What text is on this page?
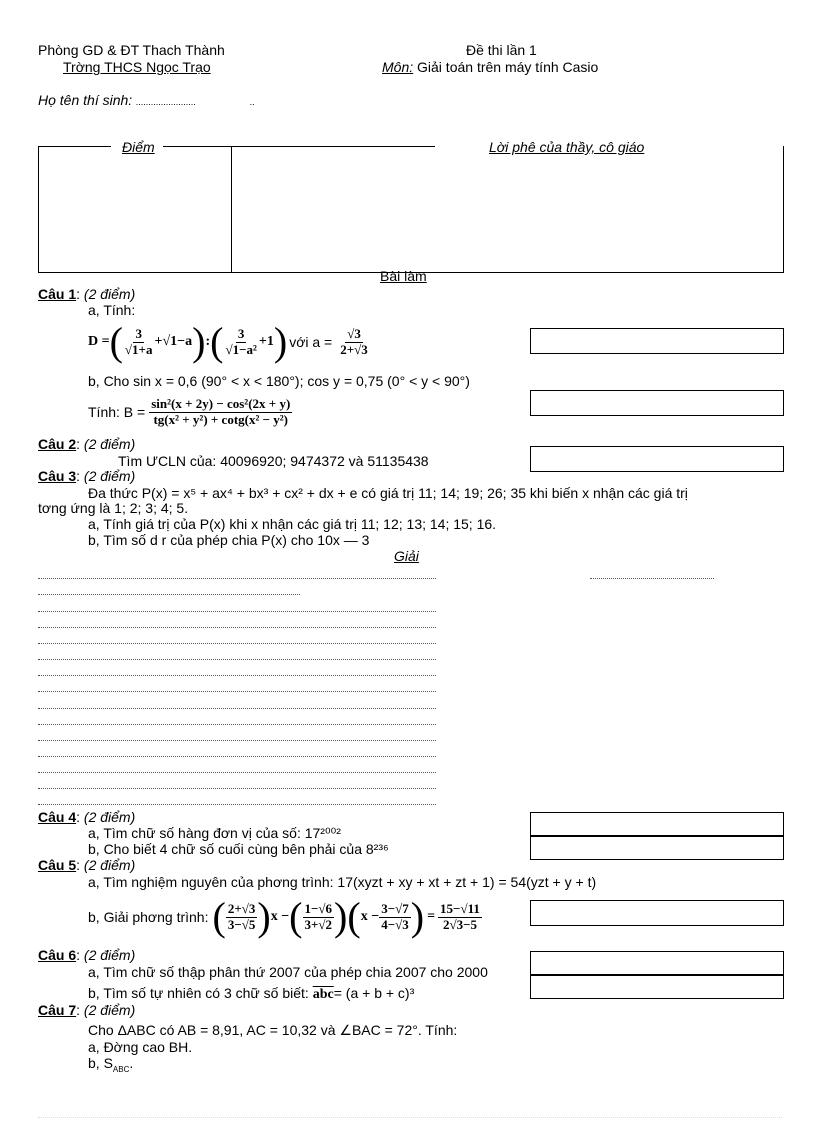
Phòng GD & ĐT Thach Thành
Trờng THCS Ngọc Trạo
Đề thi lần 1
Môn: Giải toán trên máy tính Casio
Họ tên thí sinh: ........................	..
Điểm	Lời phê của thầy, cô giáo
Bài làm
Câu 1: (2 điểm)
a, Tính:
D = ( $\frac{3}{√1+a} +√1-a$ ) : ( $\frac{3}{\text{√1−a²}} +1$ ) với $a = \frac{√3}{2+√3}$
b, Cho sin x = 0,6 (90° < x < 180°); cos y = 0,75 (0° < y < 90°)
Tính: $B = \frac{\text{sin²(x + 2y) − cos²(2x + y)}}{\text{tg(x² + y²) + cotg(x² − y²)}}$
Câu 2: (2 điểm)
Tìm ƯCLN của: 40096920; 9474372 và 51135438
Câu 3: (2 điểm)
Đa thức P(x) = x⁵ + ax⁴ + bx³ + cx² + dx + e có giá trị 11; 14; 19; 26; 35 khi biến x nhận các giá trị
tơng ứng là 1; 2; 3; 4; 5.
a, Tính giá trị của P(x) khi x nhận các giá trị 11; 12; 13; 14; 15; 16.
b, Tìm số d r của phép chia P(x) cho 10x — 3
Giải
Câu 4: (2 điểm)
a, Tìm chữ số hàng đơn vị của số: 17²⁰⁰²
b, Cho biết 4 chữ số cuối cùng bên phải của 8²³⁶
Câu 5: (2 điểm)
a, Tìm nghiệm nguyên của phơng trình: 17(xyzt + xy + xt + zt + 1) = 54(yzt + y + t)
b, Giải phơng trình: ( $\frac{2+√3}{3-√5}$ ) x − ( $\frac{1-√6}{3+√2}$ ) ( $x - \frac{3-√7}{4-√3}$ ) = $\frac{15-√11}{2√3-5}$
Câu 6: (2 điểm)
a, Tìm chữ số thập phân thứ 2007 của phép chia 2007 cho 2000
b, Tìm số tự nhiên có 3 chữ số biết: $\overline{abc}= (a + b + c)^3$
Câu 7: (2 điểm)
Cho ΔABC có AB = 8,91, AC = 10,32 và ∠BAC = 72°. Tính:
a, Đờng cao BH.
b, $S_{ABC}$.
